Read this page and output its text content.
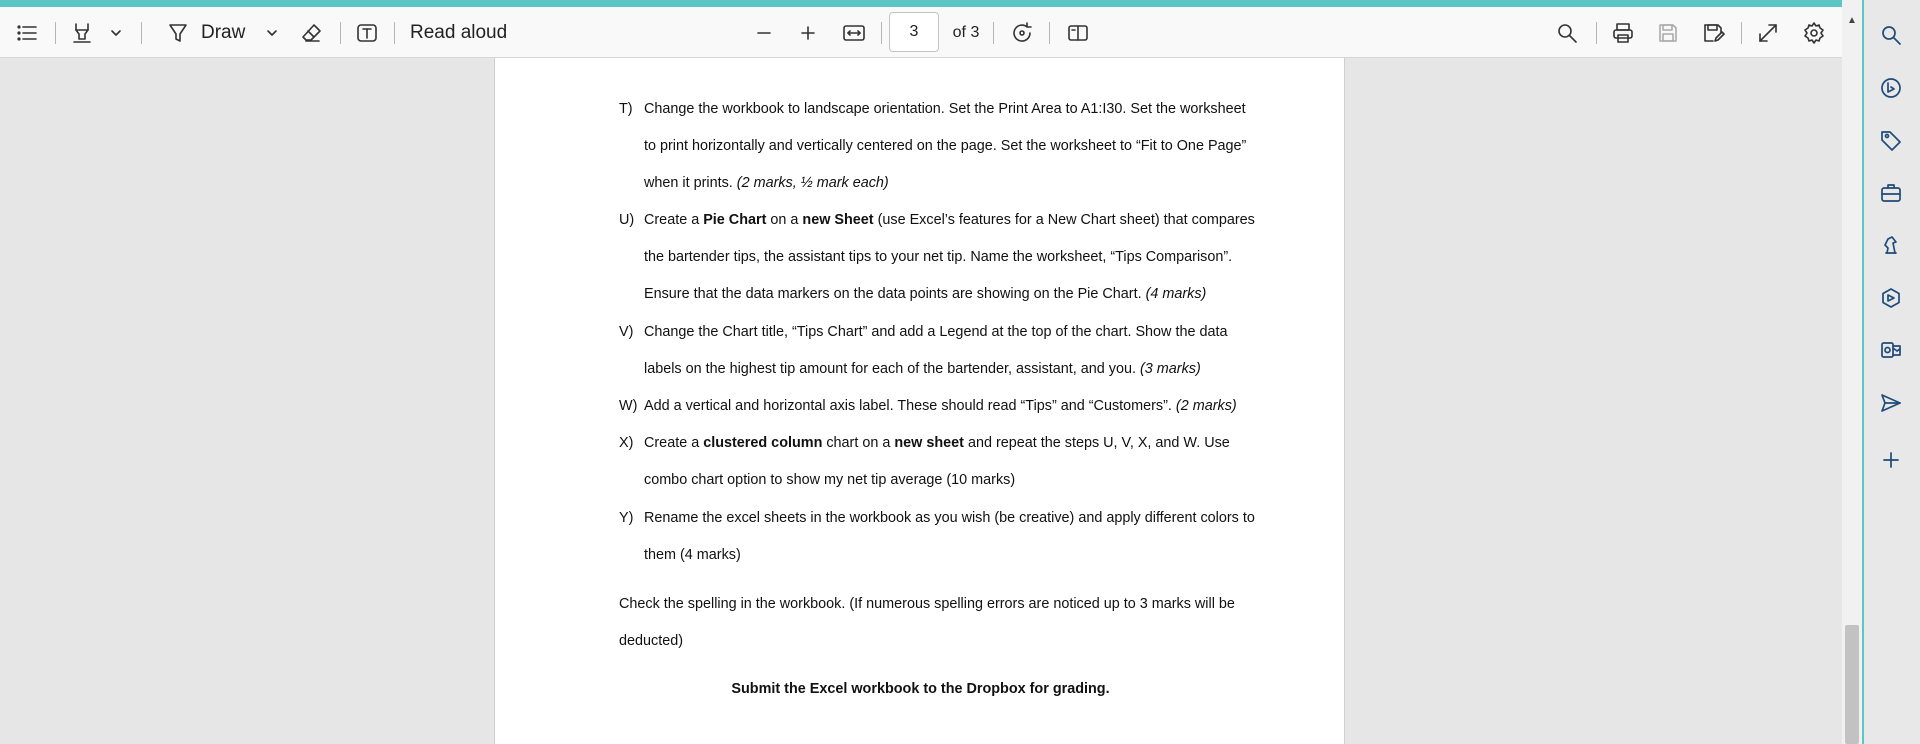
Draw	Read aloud
3	of 3
T) Change the workbook to landscape orientation. Set the Print Area to A1:I30. Set the worksheet
to print horizontally and vertically centered on the page. Set the worksheet to “Fit to One Page”
when it prints. (2 marks, ½ mark each)
U) Create a Pie Chart on a new Sheet (use Excel’s features for a New Chart sheet) that compares
the bartender tips, the assistant tips to your net tip. Name the worksheet, “Tips Comparison”.
Ensure that the data markers on the data points are showing on the Pie Chart. (4 marks)
V) Change the Chart title, “Tips Chart” and add a Legend at the top of the chart. Show the data
labels on the highest tip amount for each of the bartender, assistant, and you. (3 marks)
W) Add a vertical and horizontal axis label. These should read “Tips” and “Customers”. (2 marks)
X) Create a clustered column chart on a new sheet and repeat the steps U, V, X, and W. Use
combo chart option to show my net tip average (10 marks)
Y) Rename the excel sheets in the workbook as you wish (be creative) and apply different colors to
them (4 marks)
Check the spelling in the workbook. (If numerous spelling errors are noticed up to 3 marks will be
deducted)
Submit the Excel workbook to the Dropbox for grading.
▲
